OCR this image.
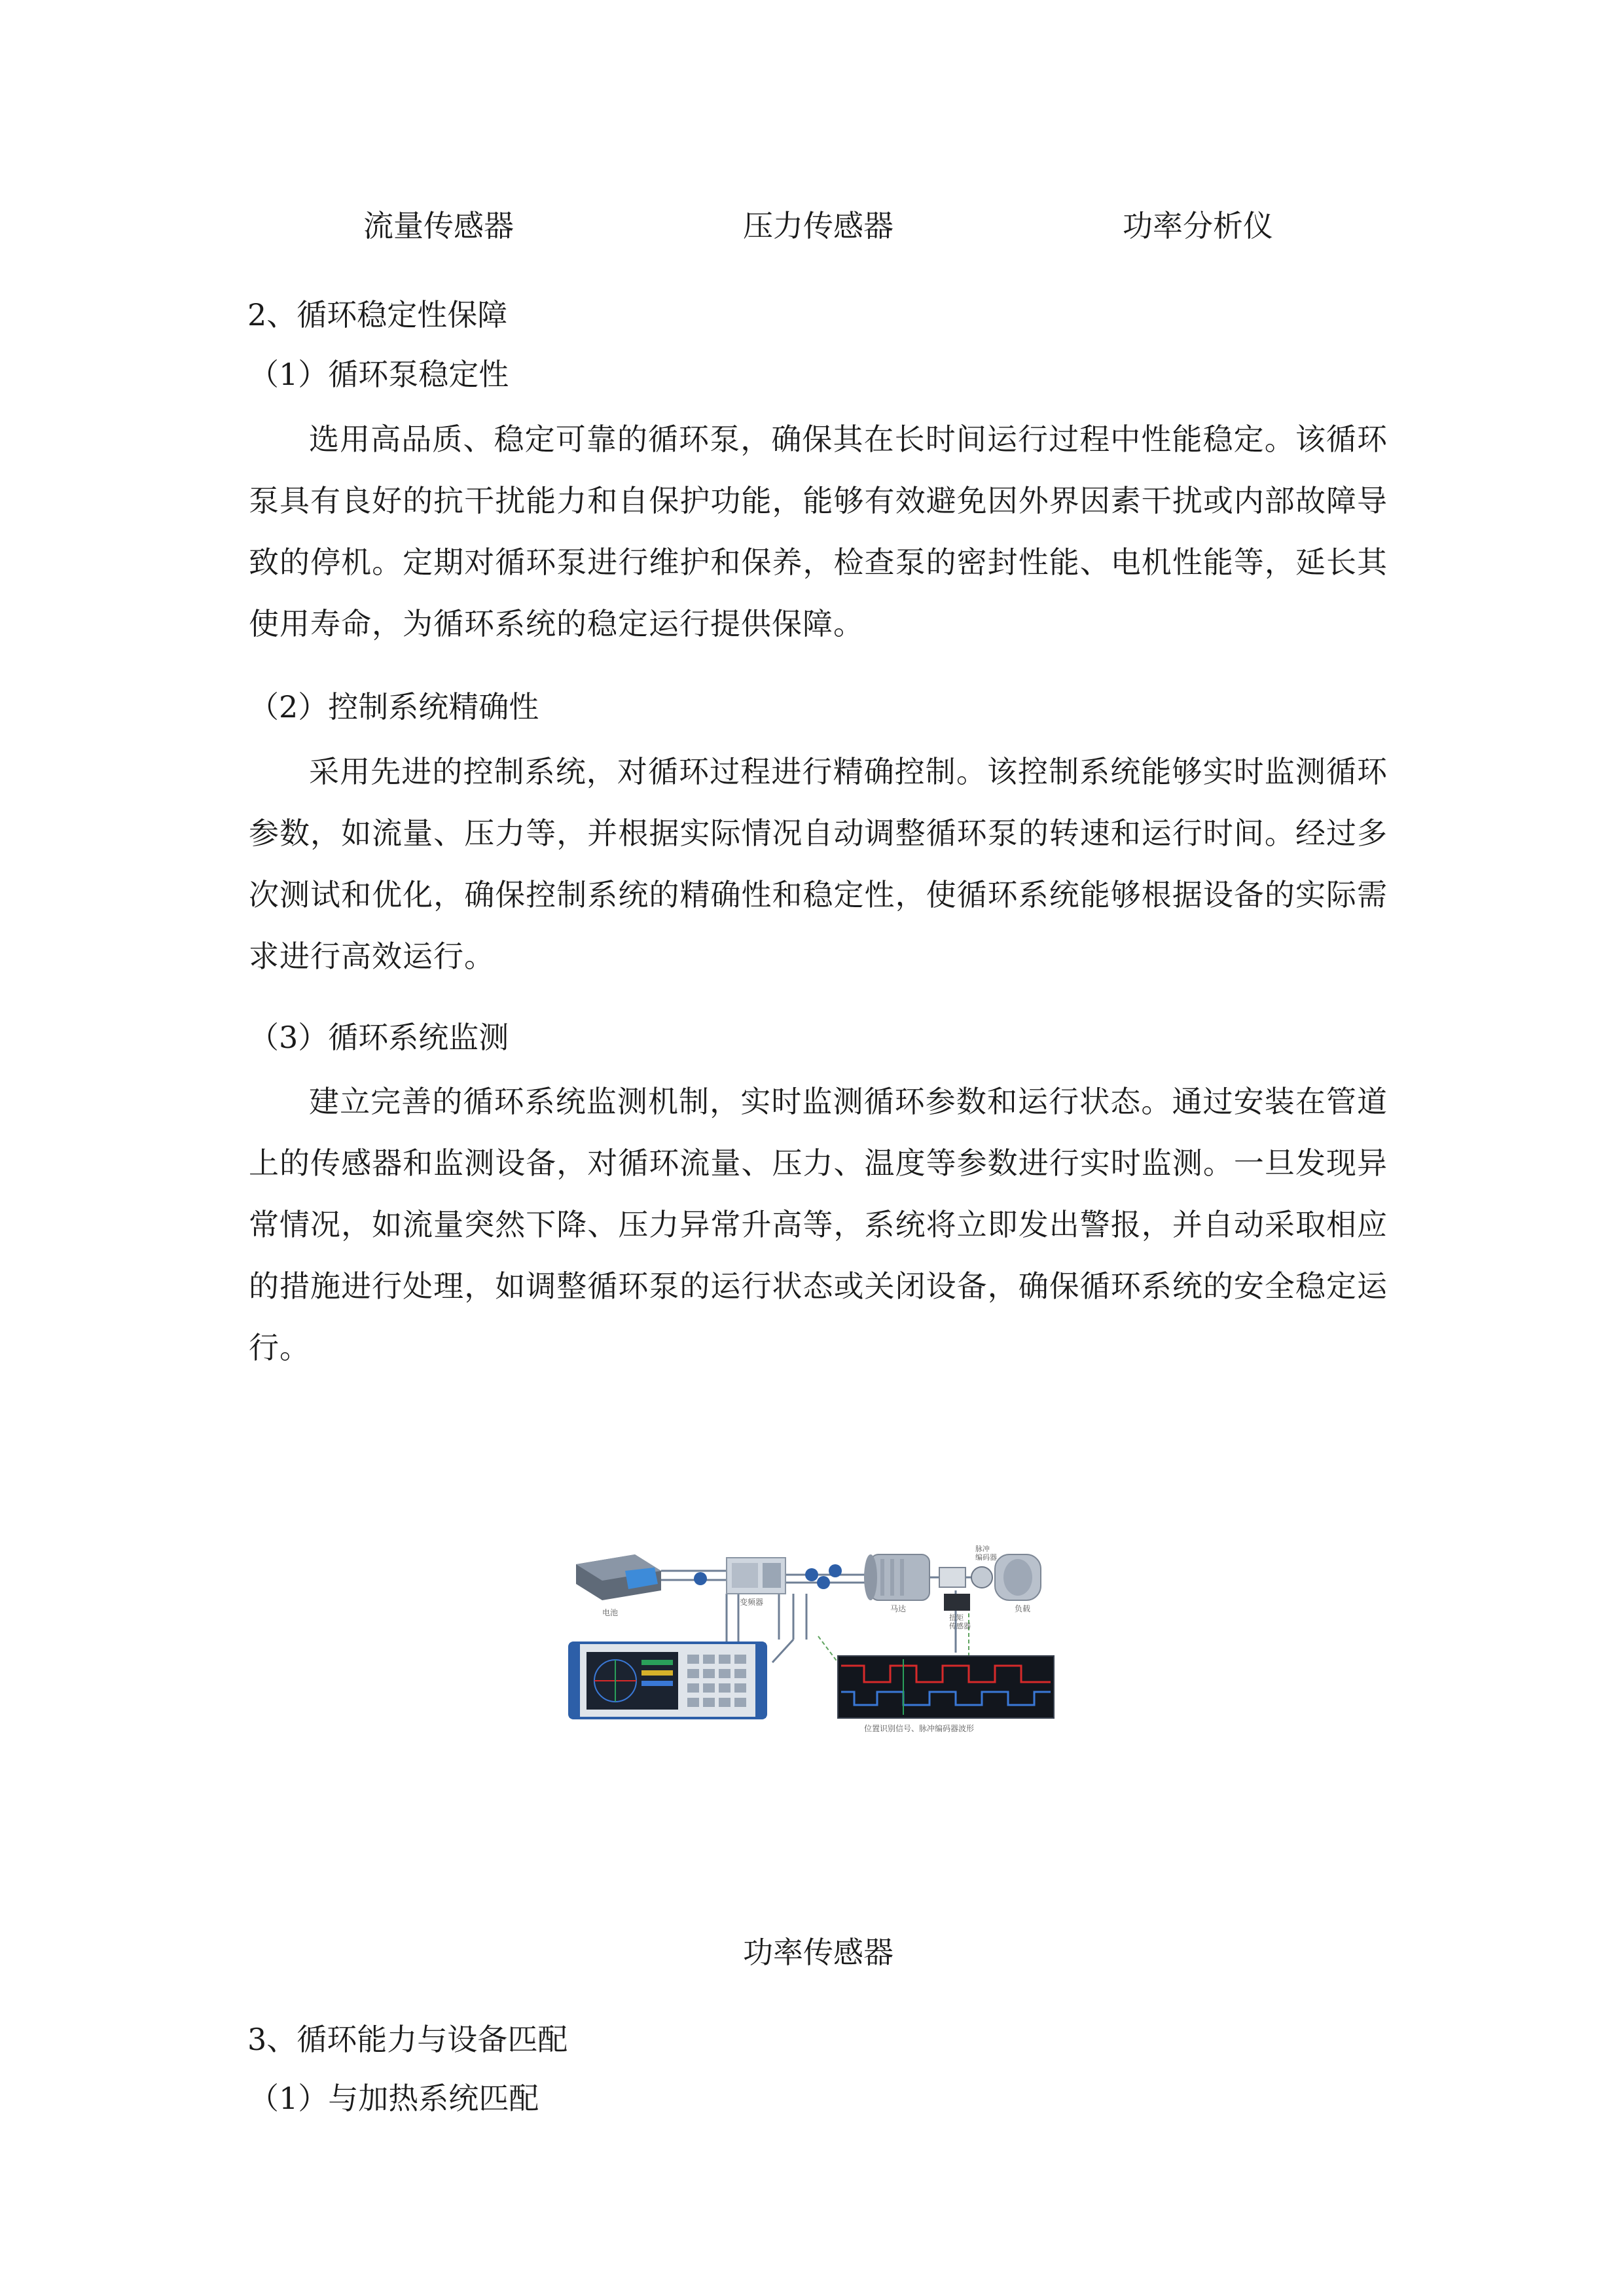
流量传感器	压力传感器	功率分析仪
2、循环稳定性保障
（1）循环泵稳定性
选用高品质、稳定可靠的循环泵，确保其在长时间运行过程中性能稳定。该循环泵具有良好的抗干扰能力和自保护功能，能够有效避免因外界因素干扰或内部故障导致的停机。定期对循环泵进行维护和保养，检查泵的密封性能、电机性能等，延长其使用寿命，为循环系统的稳定运行提供保障。
（2）控制系统精确性
采用先进的控制系统，对循环过程进行精确控制。该控制系统能够实时监测循环参数，如流量、压力等，并根据实际情况自动调整循环泵的转速和运行时间。经过多次测试和优化，确保控制系统的精确性和稳定性，使循环系统能够根据设备的实际需求进行高效运行。
（3）循环系统监测
建立完善的循环系统监测机制，实时监测循环参数和运行状态。通过安装在管道上的传感器和监测设备，对循环流量、压力、温度等参数进行实时监测。一旦发现异常情况，如流量突然下降、压力异常升高等，系统将立即发出警报，并自动采取相应的措施进行处理，如调整循环泵的运行状态或关闭设备，确保循环系统的安全稳定运行。
电池
变频器
马达
扭矩传感器
脉冲编码器
负载
位置识别信号、脉冲编码器波形
功率传感器
3、循环能力与设备匹配
（1）与加热系统匹配
